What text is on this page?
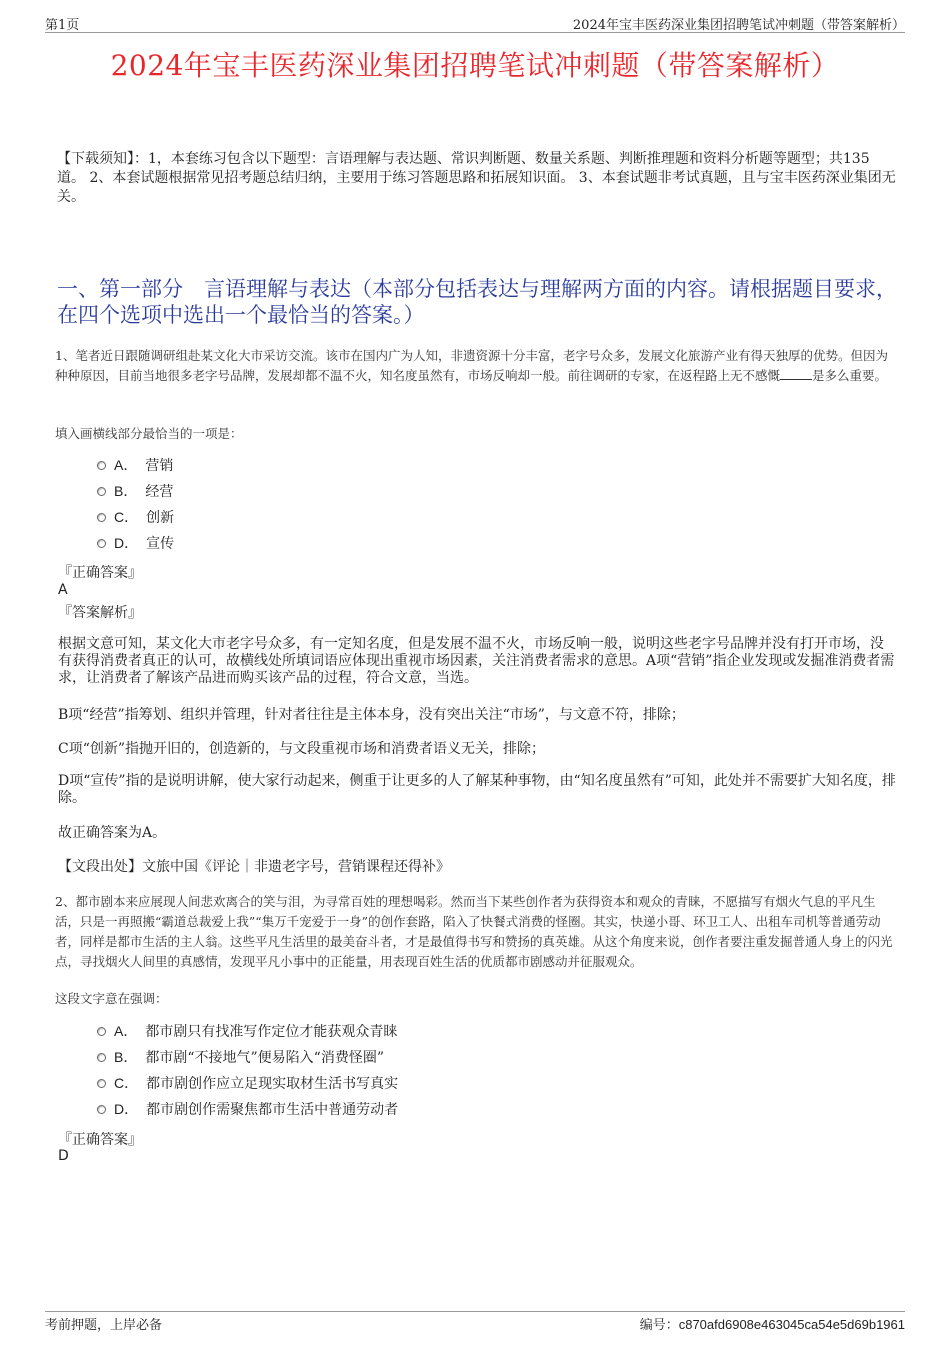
第1页	2024年宝丰医药深业集团招聘笔试冲刺题（带答案解析）
2024年宝丰医药深业集团招聘笔试冲刺题（带答案解析）
【下载须知】：1，本套练习包含以下题型：言语理解与表达题、常识判断题、数量关系题、判断推理题和资料分析题等题型；共135道。 2、本套试题根据常见招考题总结归纳，主要用于练习答题思路和拓展知识面。 3、本套试题非考试真题，且与宝丰医药深业集团无关。
一、第一部分　言语理解与表达（本部分包括表达与理解两方面的内容。请根据题目要求，在四个选项中选出一个最恰当的答案。）
1、笔者近日跟随调研组赴某文化大市采访交流。该市在国内广为人知，非遗资源十分丰富，老字号众多，发展文化旅游产业有得天独厚的优势。但因为种种原因，目前当地很多老字号品牌，发展却都不温不火，知名度虽然有，市场反响却一般。前往调研的专家，在返程路上无不感慨	是多么重要。
填入画横线部分最恰当的一项是：
A． 营销
B． 经营
C． 创新
D． 宣传
『正确答案』
A
『答案解析』
根据文意可知，某文化大市老字号众多，有一定知名度，但是发展不温不火，市场反响一般，说明这些老字号品牌并没有打开市场，没有获得消费者真正的认可，故横线处所填词语应体现出重视市场因素，关注消费者需求的意思。A项“营销”指企业发现或发掘准消费者需求，让消费者了解该产品进而购买该产品的过程，符合文意，当选。
B项“经营”指筹划、组织并管理，针对者往往是主体本身，没有突出关注“市场”，与文意不符，排除；
C项“创新”指抛开旧的，创造新的，与文段重视市场和消费者语义无关，排除；
D项“宣传”指的是说明讲解，使大家行动起来，侧重于让更多的人了解某种事物，由“知名度虽然有”可知，此处并不需要扩大知名度，排除。
故正确答案为A。
【文段出处】文旅中国《评论｜非遗老字号，营销课程还得补》
2、都市剧本来应展现人间悲欢离合的笑与泪，为寻常百姓的理想喝彩。然而当下某些创作者为获得资本和观众的青睐，不愿描写有烟火气息的平凡生活，只是一再照搬“霸道总裁爱上我”“集万千宠爱于一身”的创作套路，陷入了快餐式消费的怪圈。其实，快递小哥、环卫工人、出租车司机等普通劳动者，同样是都市生活的主人翁。这些平凡生活里的最美奋斗者，才是最值得书写和赞扬的真英雄。从这个角度来说，创作者要注重发掘普通人身上的闪光点，寻找烟火人间里的真感情，发现平凡小事中的正能量，用表现百姓生活的优质都市剧感动并征服观众。
这段文字意在强调：
A． 都市剧只有找准写作定位才能获观众青睐
B． 都市剧“不接地气”便易陷入“消费怪圈”
C． 都市剧创作应立足现实取材生活书写真实
D． 都市剧创作需聚焦都市生活中普通劳动者
『正确答案』
D
考前押题，上岸必备	编号：c870afd6908e463045ca54e5d69b1961
